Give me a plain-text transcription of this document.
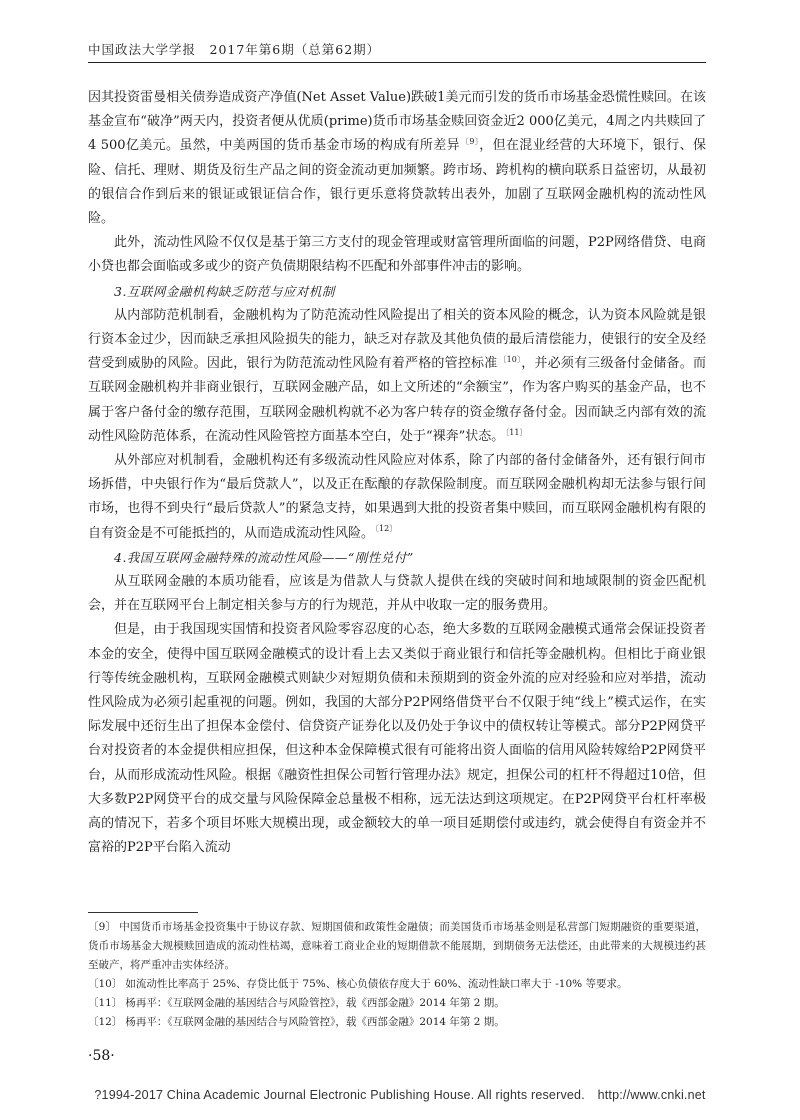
中国政法大学学报　2017年第6期（总第62期）

因其投资雷曼相关债券造成资产净值(Net Asset Value)跌破1美元而引发的货币市场基金恐慌性赎回。在该基金宣布“破净”两天内，投资者便从优质(prime)货币市场基金赎回资金近2 000亿美元，4周之内共赎回了4 500亿美元。虽然，中美两国的货币基金市场的构成有所差异$^{〔9〕}$，但在混业经营的大环境下，银行、保险、信托、理财、期货及衍生产品之间的资金流动更加频繁。跨市场、跨机构的横向联系日益密切，从最初的银信合作到后来的银证或银证信合作，银行更乐意将贷款转出表外，加剧了互联网金融机构的流动性风险。

此外，流动性风险不仅仅是基于第三方支付的现金管理或财富管理所面临的问题，P2P网络借贷、电商小贷也都会面临或多或少的资产负债期限结构不匹配和外部事件冲击的影响。

3.互联网金融机构缺乏防范与应对机制

从内部防范机制看，金融机构为了防范流动性风险提出了相关的资本风险的概念，认为资本风险就是银行资本金过少，因而缺乏承担风险损失的能力，缺乏对存款及其他负债的最后清偿能力，使银行的安全及经营受到威胁的风险。因此，银行为防范流动性风险有着严格的管控标准$^{〔10〕}$，并必须有三级备付金储备。而互联网金融机构并非商业银行，互联网金融产品，如上文所述的“余额宝”，作为客户购买的基金产品，也不属于客户备付金的缴存范围，互联网金融机构就不必为客户转存的资金缴存备付金。因而缺乏内部有效的流动性风险防范体系，在流动性风险管控方面基本空白，处于“裸奔”状态。$^{〔11〕}$

从外部应对机制看，金融机构还有多级流动性风险应对体系，除了内部的备付金储备外，还有银行间市场拆借，中央银行作为“最后贷款人”，以及正在酝酿的存款保险制度。而互联网金融机构却无法参与银行间市场，也得不到央行“最后贷款人”的紧急支持，如果遇到大批的投资者集中赎回，而互联网金融机构有限的自有资金是不可能抵挡的，从而造成流动性风险。$^{〔12〕}$

4.我国互联网金融特殊的流动性风险——“刚性兑付”

从互联网金融的本质功能看，应该是为借款人与贷款人提供在线的突破时间和地域限制的资金匹配机会，并在互联网平台上制定相关参与方的行为规范，并从中收取一定的服务费用。

但是，由于我国现实国情和投资者风险零容忍度的心态，绝大多数的互联网金融模式通常会保证投资者本金的安全，使得中国互联网金融模式的设计看上去又类似于商业银行和信托等金融机构。但相比于商业银行等传统金融机构，互联网金融模式则缺少对短期负债和未预期到的资金外流的应对经验和应对举措，流动性风险成为必须引起重视的问题。例如，我国的大部分P2P网络借贷平台不仅限于纯“线上”模式运作，在实际发展中还衍生出了担保本金偿付、信贷资产证券化以及仍处于争议中的债权转让等模式。部分P2P网贷平台对投资者的本金提供相应担保，但这种本金保障模式很有可能将出资人面临的信用风险转嫁给P2P网贷平台，从而形成流动性风险。根据《融资性担保公司暂行管理办法》规定，担保公司的杠杆不得超过10倍，但大多数P2P网贷平台的成交量与风险保障金总量极不相称，远无法达到这项规定。在P2P网贷平台杠杆率极高的情况下，若多个项目坏账大规模出现，或金额较大的单一项目延期偿付或违约，就会使得自有资金并不富裕的P2P平台陷入流动

〔9〕 中国货币市场基金投资集中于协议存款、短期国债和政策性金融债；而美国货币市场基金则是私营部门短期融资的重要渠道，货币市场基金大规模赎回造成的流动性枯竭，意味着工商业企业的短期借款不能展期，到期债务无法偿还，由此带来的大规模违约甚至破产，将严重冲击实体经济。

〔10〕 如流动性比率高于 25%、存贷比低于 75%、核心负债依存度大于 60%、流动性缺口率大于 -10% 等要求。

〔11〕 杨再平：《互联网金融的基因结合与风险管控》，载《西部金融》2014 年第 2 期。

〔12〕 杨再平：《互联网金融的基因结合与风险管控》，载《西部金融》2014 年第 2 期。

·58·
?1994-2017 China Academic Journal Electronic Publishing House. All rights reserved.　http://www.cnki.net
